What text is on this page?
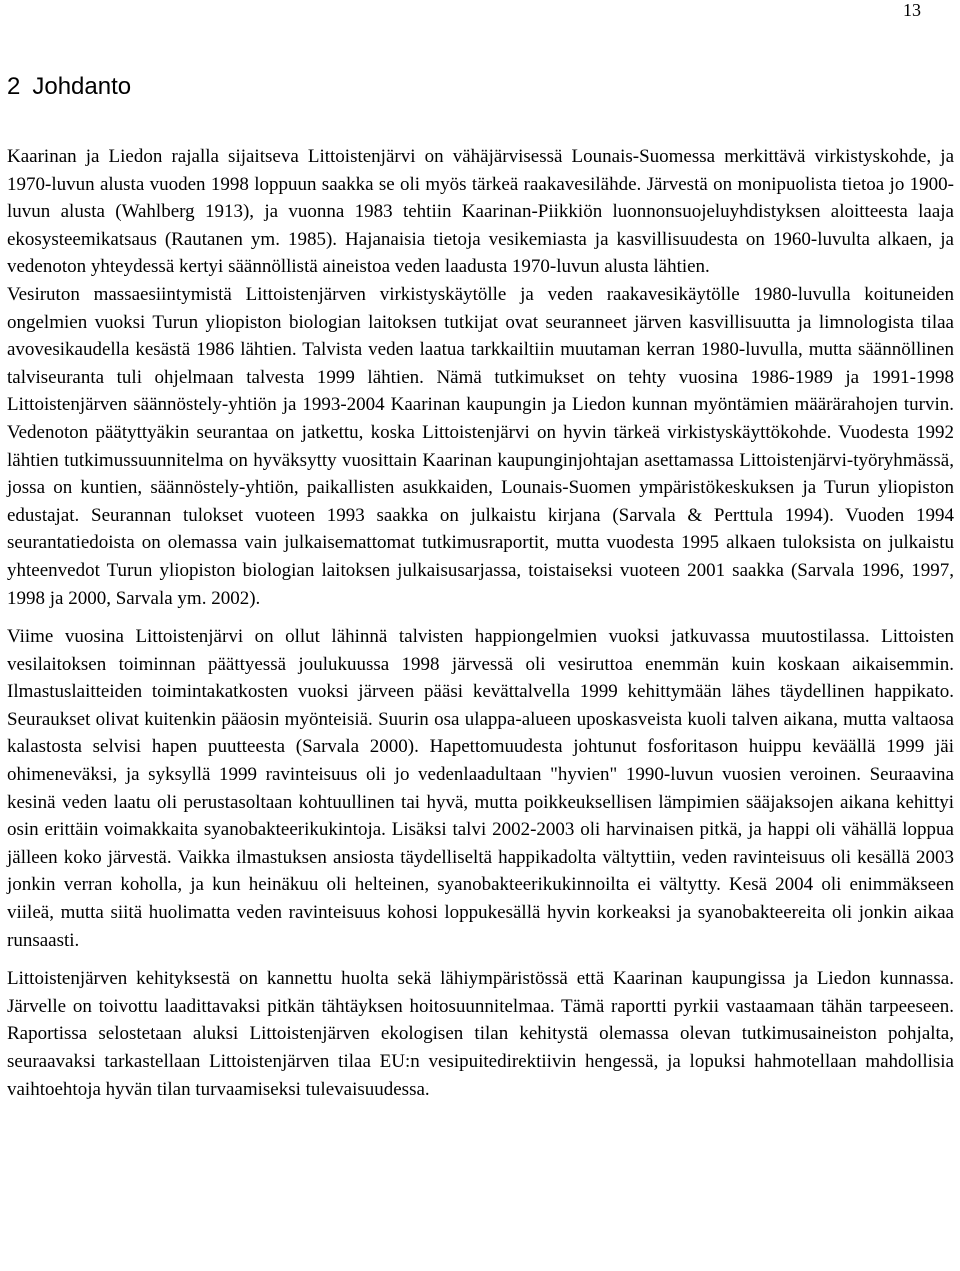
13
2 Johdanto

Kaarinan ja Liedon rajalla sijaitseva Littoistenjärvi on vähäjärvisessä Lounais-Suomessa merkittävä virkistyskohde, ja 1970-luvun alusta vuoden 1998 loppuun saakka se oli myös tärkeä raakavesilähde. Järvestä on monipuolista tietoa jo 1900-luvun alusta (Wahlberg 1913), ja vuonna 1983 tehtiin Kaarinan-Piikkiön luonnonsuojeluyhdistyksen aloitteesta laaja ekosysteemikatsaus (Rautanen ym. 1985). Hajanaisia tietoja vesikemiasta ja kasvillisuudesta on 1960-luvulta alkaen, ja vedenoton yhteydessä kertyi säännöllistä aineistoa veden laadusta 1970-luvun alusta lähtien.

Vesiruton massaesiintymistä Littoistenjärven virkistyskäytölle ja veden raakavesikäytölle 1980-luvulla koituneiden ongelmien vuoksi Turun yliopiston biologian laitoksen tutkijat ovat seuranneet järven kasvillisuutta ja limnologista tilaa avovesikaudella kesästä 1986 lähtien. Talvista veden laatua tarkkailtiin muutaman kerran 1980-luvulla, mutta säännöllinen talviseuranta tuli ohjelmaan talvesta 1999 lähtien. Nämä tutkimukset on tehty vuosina 1986-1989 ja 1991-1998 Littoistenjärven säännöstely-yhtiön ja 1993-2004 Kaarinan kaupungin ja Liedon kunnan myöntämien määrärahojen turvin. Vedenoton päätyttyäkin seurantaa on jatkettu, koska Littoistenjärvi on hyvin tärkeä virkistyskäyttökohde. Vuodesta 1992 lähtien tutkimussuunnitelma on hyväksytty vuosittain Kaarinan kaupunginjohtajan asettamassa Littoistenjärvi-työryhmässä, jossa on kuntien, säännöstely-yhtiön, paikallisten asukkaiden, Lounais-Suomen ympäristökeskuksen ja Turun yliopiston edustajat. Seurannan tulokset vuoteen 1993 saakka on julkaistu kirjana (Sarvala & Perttula 1994). Vuoden 1994 seurantatiedoista on olemassa vain julkaisemattomat tutkimusraportit, mutta vuodesta 1995 alkaen tuloksista on julkaistu yhteenvedot Turun yliopiston biologian laitoksen julkaisusarjassa, toistaiseksi vuoteen 2001 saakka (Sarvala 1996, 1997, 1998 ja 2000, Sarvala ym. 2002).

Viime vuosina Littoistenjärvi on ollut lähinnä talvisten happiongelmien vuoksi jatkuvassa muutostilassa. Littoisten vesilaitoksen toiminnan päättyessä joulukuussa 1998 järvessä oli vesiruttoa enemmän kuin koskaan aikaisemmin. Ilmastuslaitteiden toimintakatkosten vuoksi järveen pääsi kevättalvella 1999 kehittymään lähes täydellinen happikato. Seuraukset olivat kuitenkin pääosin myönteisiä. Suurin osa ulappa-alueen uposkasveista kuoli talven aikana, mutta valtaosa kalastosta selvisi hapen puutteesta (Sarvala 2000). Hapettomuudesta johtunut fosforitason huippu keväällä 1999 jäi ohimeneväksi, ja syksyllä 1999 ravinteisuus oli jo vedenlaadultaan "hyvien" 1990-luvun vuosien veroinen. Seuraavina kesinä veden laatu oli perustasoltaan kohtuullinen tai hyvä, mutta poikkeuksellisen lämpimien sääjaksojen aikana kehittyi osin erittäin voimakkaita syanobakteerikukintoja. Lisäksi talvi 2002-2003 oli harvinaisen pitkä, ja happi oli vähällä loppua jälleen koko järvestä. Vaikka ilmastuksen ansiosta täydelliseltä happikadolta vältyttiin, veden ravinteisuus oli kesällä 2003 jonkin verran koholla, ja kun heinäkuu oli helteinen, syanobakteerikukinnoilta ei vältytty. Kesä 2004 oli enimmäkseen viileä, mutta siitä huolimatta veden ravinteisuus kohosi loppukesällä hyvin korkeaksi ja syanobakteereita oli jonkin aikaa runsaasti.

Littoistenjärven kehityksestä on kannettu huolta sekä lähiympäristössä että Kaarinan kaupungissa ja Liedon kunnassa. Järvelle on toivottu laadittavaksi pitkän tähtäyksen hoitosuunnitelmaa. Tämä raportti pyrkii vastaamaan tähän tarpeeseen. Raportissa selostetaan aluksi Littoistenjärven ekologisen tilan kehitystä olemassa olevan tutkimusaineiston pohjalta, seuraavaksi tarkastellaan Littoistenjärven tilaa EU:n vesipuitedirektiivin hengessä, ja lopuksi hahmotellaan mahdollisia vaihtoehtoja hyvän tilan turvaamiseksi tulevaisuudessa.
